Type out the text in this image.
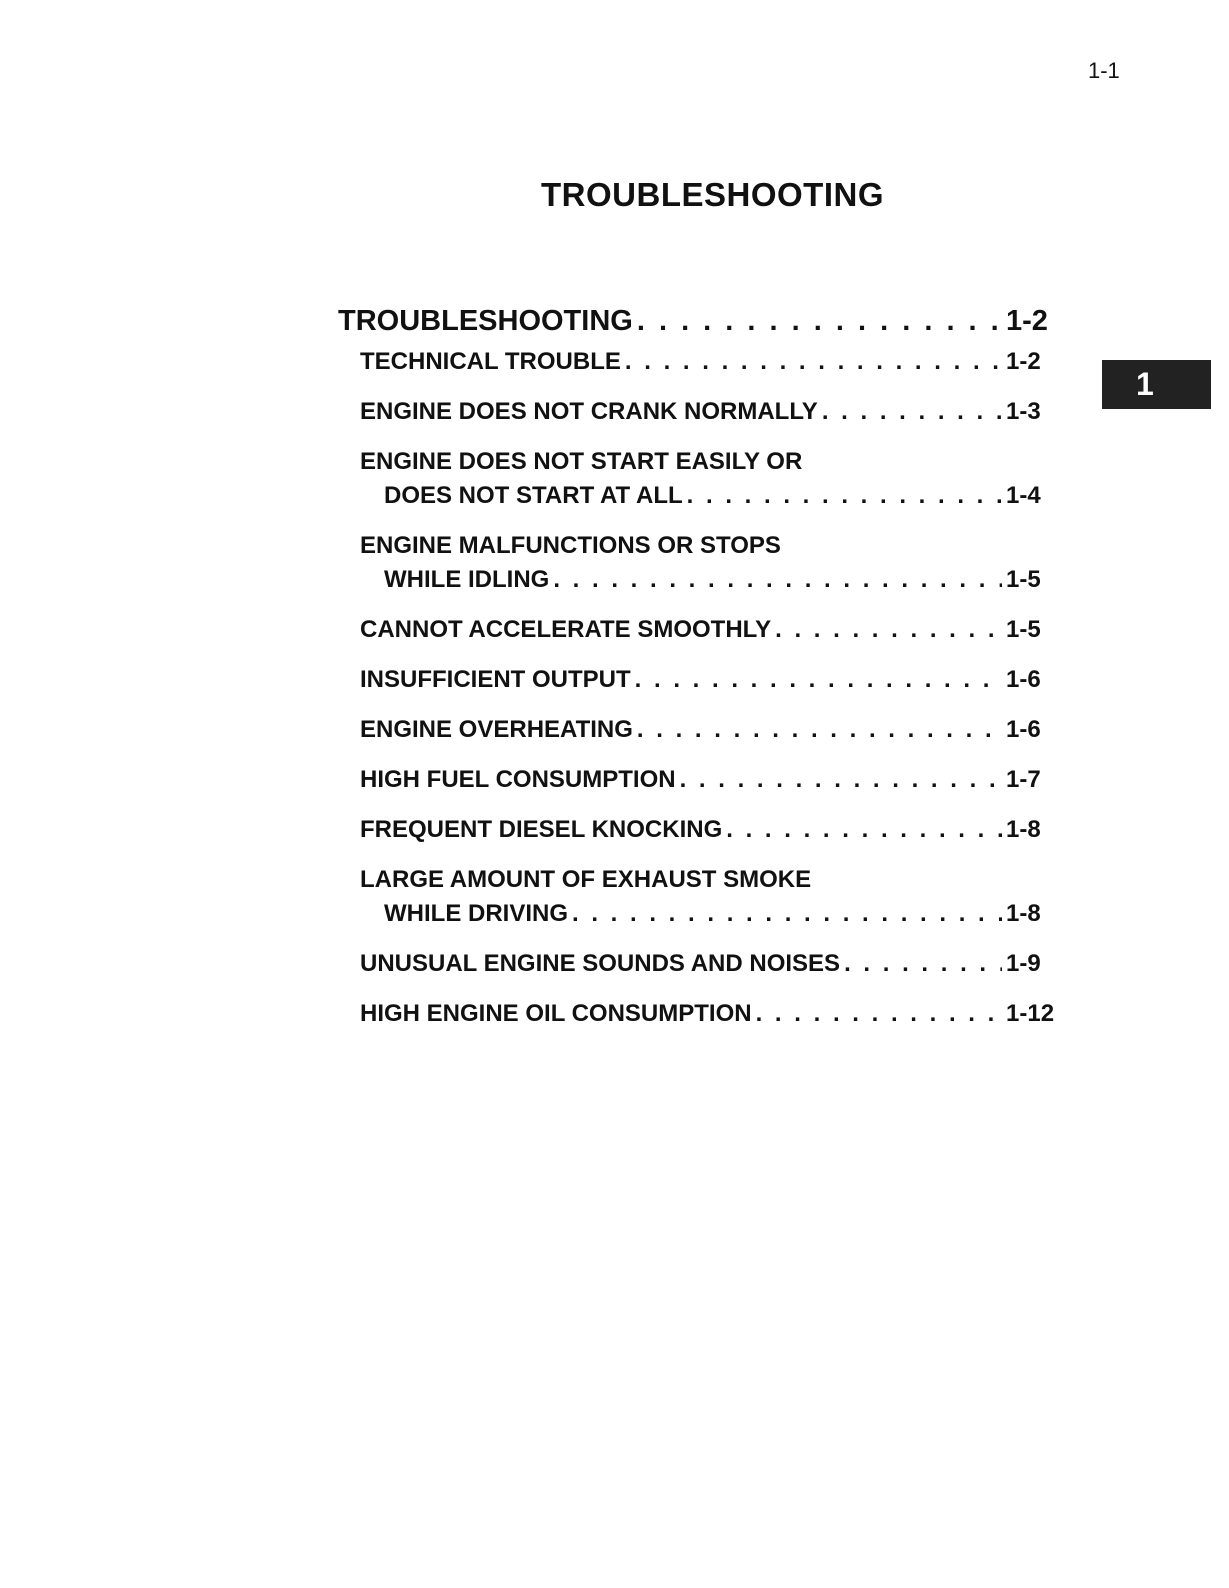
1-1
TROUBLESHOOTING
1
TROUBLESHOOTING . . .	1-2
TECHNICAL TROUBLE . . .	1-2
ENGINE DOES NOT CRANK NORMALLY . . .	1-3
ENGINE DOES NOT START EASILY OR
DOES NOT START AT ALL . . .	1-4
ENGINE MALFUNCTIONS OR STOPS
WHILE IDLING . . .	1-5
CANNOT ACCELERATE SMOOTHLY . . .	1-5
INSUFFICIENT OUTPUT . . .	1-6
ENGINE OVERHEATING . . .	1-6
HIGH FUEL CONSUMPTION . . .	1-7
FREQUENT DIESEL KNOCKING . . .	1-8
LARGE AMOUNT OF EXHAUST SMOKE
WHILE DRIVING . . .	1-8
UNUSUAL ENGINE SOUNDS AND NOISES . . .	1-9
HIGH ENGINE OIL CONSUMPTION . . .	1-12
